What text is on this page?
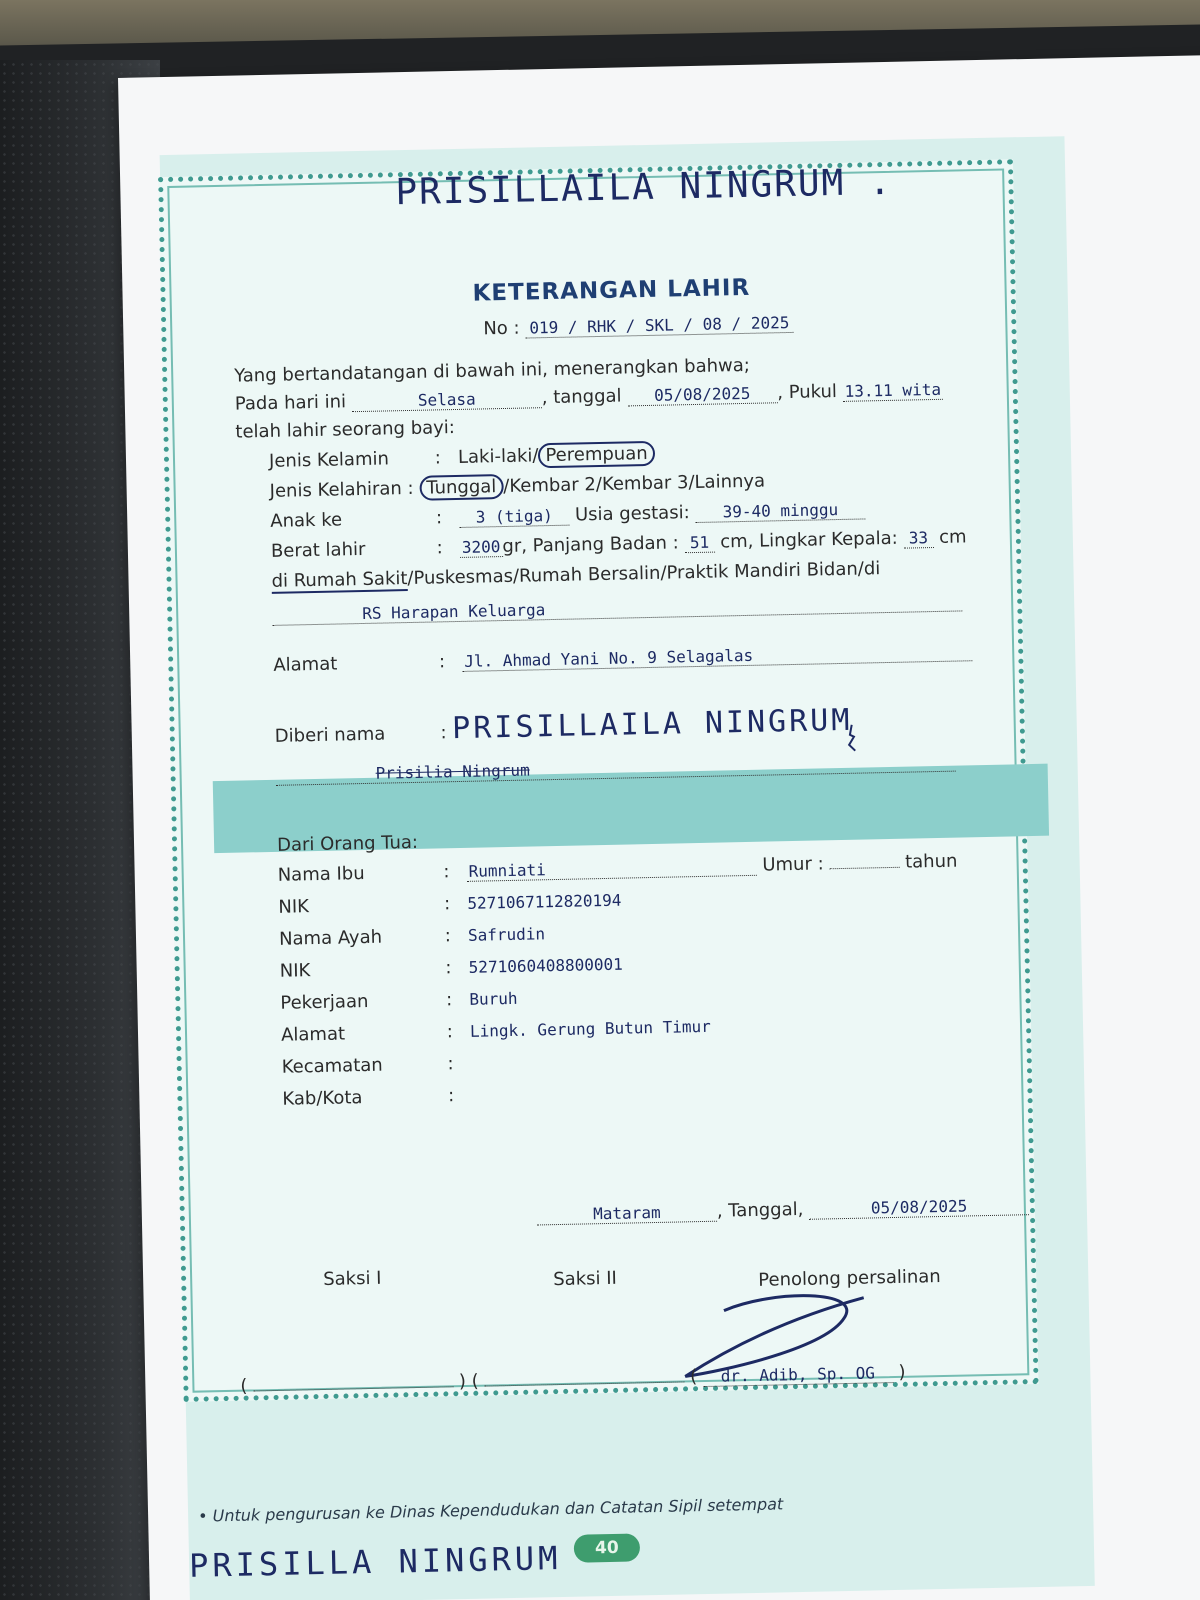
PRISILLAILA NINGRUM .
KETERANGAN LAHIR
No : 019 / RHK / SKL / 08 / 2025
Yang bertandatangan di bawah ini, menerangkan bahwa;
Pada hari ini	Selasa	, tanggal 05/08/2025 , Pukul 13.11 wita
telah lahir seorang bayi:
Jenis Kelamin	:   Laki-laki/ Perempuan
Jenis Kelahiran : Tunggal /Kembar 2/Kembar 3/Lainnya
Anak ke	:   3 (tiga) Usia gestasi: 39-40 minggu
Berat lahir	:   3200gr, Panjang Badan : 51 cm, Lingkar Kepala: 33 cm
di Rumah Sakit/Puskesmas/Rumah Bersalin/Praktik Mandiri Bidan/di
RS Harapan Keluarga
Alamat	:   Jl. Ahmad Yani No. 9 Selagalas
Diberi nama	: PRISILLAILA NINGRUM
Prisilia Ningrum
Dari Orang Tua:
Nama Ibu	:   Rumniati	Umur :	tahun
NIK	:   5271067112820194
Nama Ayah	:   Safrudin
NIK	:   5271060408800001
Pekerjaan	:   Buruh
Alamat	:   Lingk. Gerung Butun Timur
Kecamatan	:
Kab/Kota	:
Mataram	, Tanggal,	05/08/2025
Saksi I	Saksi II	Penolong persalinan
(	) (	( dr. Adib, Sp. OG )
• Untuk pengurusan ke Dinas Kependudukan dan Catatan Sipil setempat
40
PRISILLA NINGRUM
